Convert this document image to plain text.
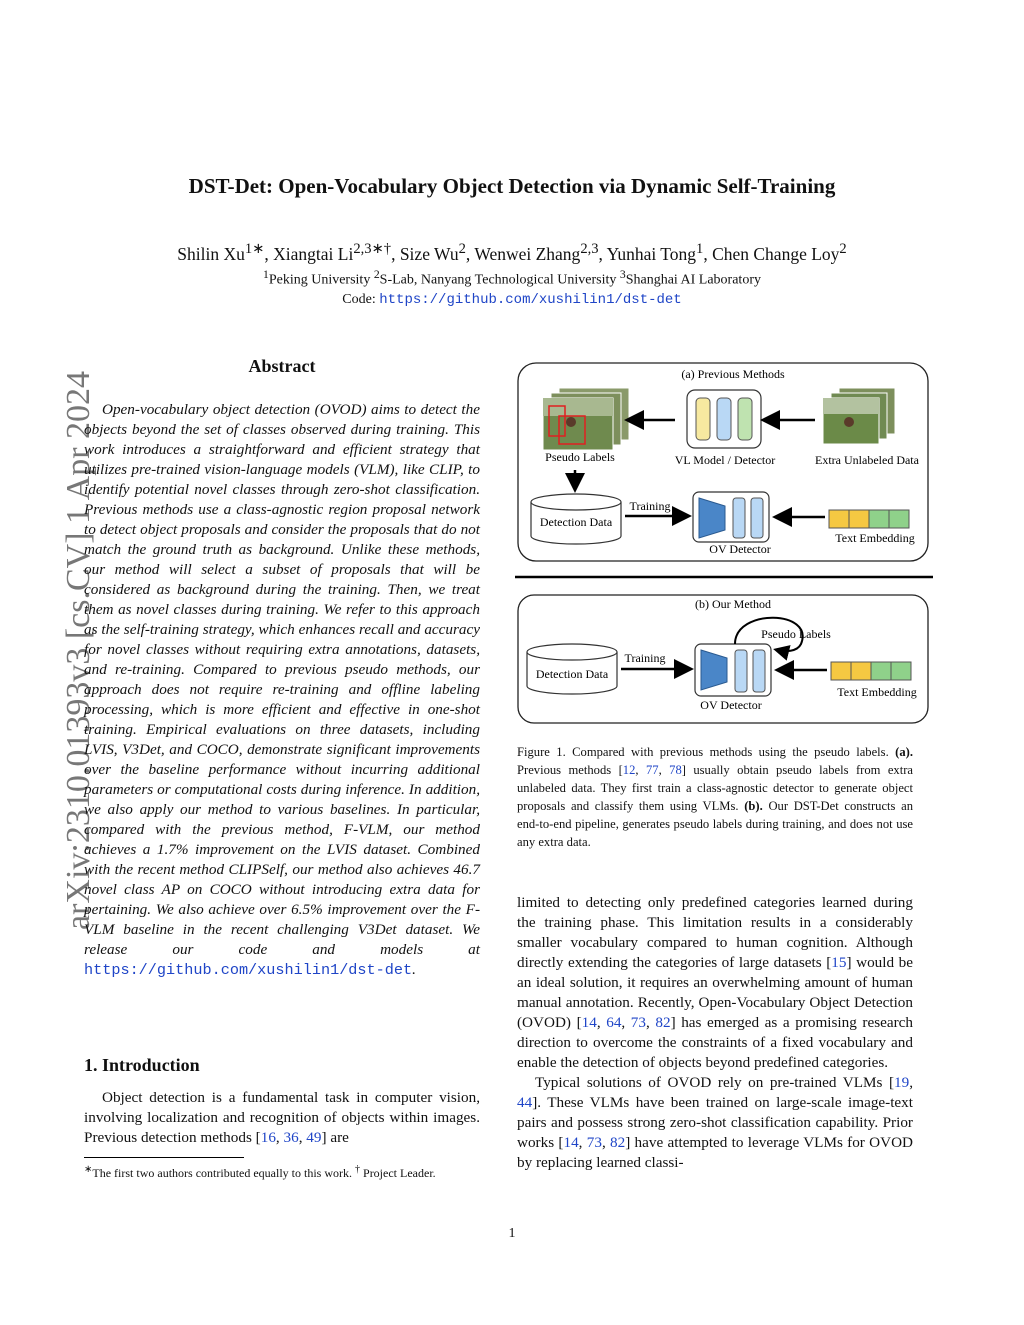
arXiv:2310.01393v3 [cs.CV] 1 Apr 2024
DST-Det: Open-Vocabulary Object Detection via Dynamic Self-Training
Shilin $Xu^{1∗}$, Xiangtai $Li^{2,3∗\dagger}$, Size Wu$^2$, Wenwei Zhang$^{2,3}$, Yunhai Tong$^1$, Chen Change Loy$^2$
$^1$Peking University $^2$S-Lab, Nanyang Technological University $^3$Shanghai AI Laboratory
Code: https://github.com/xushilin1/dst-det
Abstract
Open-vocabulary object detection (OVOD) aims to detect the objects beyond the set of classes observed during training. This work introduces a straightforward and efficient strategy that utilizes pre-trained vision-language models (VLM), like CLIP, to identify potential novel classes through zero-shot classification. Previous methods use a class-agnostic region proposal network to detect object proposals and consider the proposals that do not match the ground truth as background. Unlike these methods, our method will select a subset of proposals that will be considered as background during the training. Then, we treat them as novel classes during training. We refer to this approach as the self-training strategy, which enhances recall and accuracy for novel classes without requiring extra annotations, datasets, and re-training. Compared to previous pseudo methods, our approach does not require re-training and offline labeling processing, which is more efficient and effective in one-shot training. Empirical evaluations on three datasets, including LVIS, V3Det, and COCO, demonstrate significant improvements over the baseline performance without incurring additional parameters or computational costs during inference. In addition, we also apply our method to various baselines. In particular, compared with the previous method, F-VLM, our method achieves a 1.7% improvement on the LVIS dataset. Combined with the recent method CLIPSelf, our method also achieves 46.7 novel class AP on COCO without introducing extra data for pertaining. We also achieve over 6.5% improvement over the F-VLM baseline in the recent challenging V3Det dataset. We release our code and models at https://github.com/xushilin1/dst-det.
1. Introduction
Object detection is a fundamental task in computer vision, involving localization and recognition of objects within images. Previous detection methods [16, 36, 49] are
∗The first two authors contributed equally to this work. † Project Leader.
(a) Previous Methods
Pseudo Labels	VL Model / Detector	Extra Unlabeled Data
Detection Data
Training
OV Detector
Text Embedding
(b) Our Method
Detection Data
Training
OV Detector
Pseudo Labels
Text Embedding
Figure 1. Compared with previous methods using the pseudo labels. (a). Previous methods [12, 77, 78] usually obtain pseudo labels from extra unlabeled data. They first train a class-agnostic detector to generate object proposals and classify them using VLMs. (b). Our DST-Det constructs an end-to-end pipeline, generates pseudo labels during training, and does not use any extra data.

limited to detecting only predefined categories learned during the training phase. This limitation results in a considerably smaller vocabulary compared to human cognition. Although directly extending the categories of large datasets [15] would be an ideal solution, it requires an overwhelming amount of human manual annotation. Recently, Open-Vocabulary Object Detection (OVOD) [14, 64, 73, 82] has emerged as a promising research direction to overcome the constraints of a fixed vocabulary and enable the detection of objects beyond predefined categories.

Typical solutions of OVOD rely on pre-trained VLMs [19, 44]. These VLMs have been trained on large-scale image-text pairs and possess strong zero-shot classification capability. Prior works [14, 73, 82] have attempted to leverage VLMs for OVOD by replacing learned classi-

1
